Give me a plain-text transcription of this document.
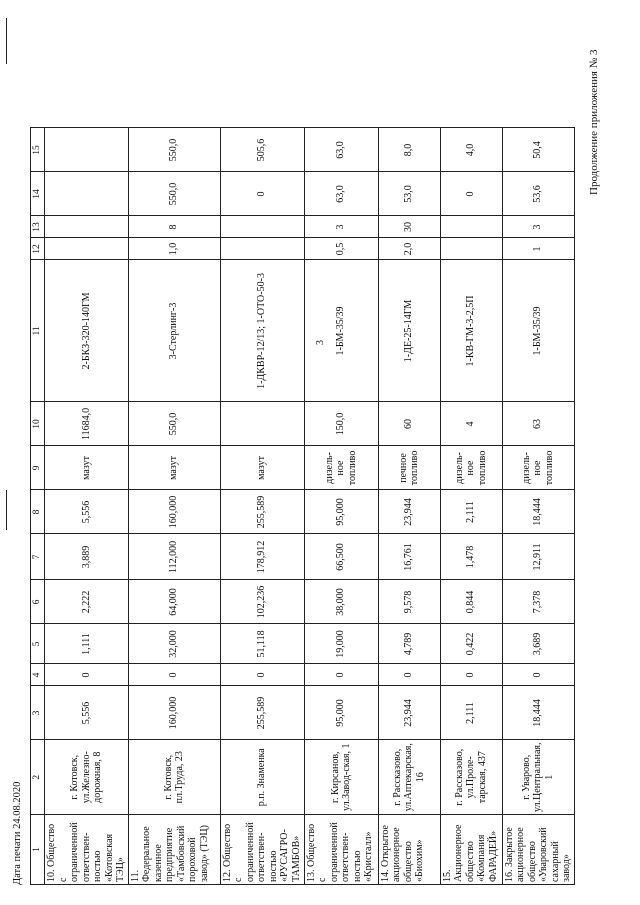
Дата печати 24.08.2020
3
Продолжение приложения № 3
1	2	3	4	5	6	7	8	9	10	11	12	13	14	15
10. Общество с ограниченной ответствен-ностью «Котовская ТЭЦ»	г. Котовск, ул.Железно-дорожная, 8	5,556	0	1,111	2,222	3,889	5,556	мазут	11684,0	2-БКЗ-320-140ГМ				
11. Федеральное казенное предприятие «Тамбовский пороховой завод» (ТЭЦ)	г. Котовск, пл.Труда, 23	160,000	0	32,000	64,000	112,000	160,000	мазут	550,0	3-Стерлинг-3	1,0	8	550,0	550,0
12. Общество с ограниченной ответствен-ностью «РУСАГРО-ТАМБОВ»	р.п. Знаменка	255,589	0	51,118	102,236	178,912	255,589	мазут		1-ДКВР-12/13; 1-ОТО-50-3			0	505,6
13. Общество с ограниченной ответствен-ностью «Кристалл»	г. Кирсанов, ул.Завод-ская, 1	95,000	0	19,000	38,000	66,500	95,000	дизель-ное топливо	150,0	1-БМ-35/39	0,5	3	63,0	63,0
14. Открытое акционерное общество «Биохим»	г. Рассказово, ул.Аптекарская, 16	23,944	0	4,789	9,578	16,761	23,944	печное топливо	60	1-ДЕ-25-14ГМ	2,0	30	53,0	8,0
15. Акционерное общество «Компания ФАРАДЕЙ»	г. Рассказово, ул.Проле-тарская, 437	2,111	0	0,422	0,844	1,478	2,111	дизель-ное топливо	4	1-КВ-ГМ-3-2,5П			0	4,0
16. Закрытое акционерное общество «Уваровский сахарный завод»	г. Уварово, ул.Центральная, 1	18,444	0	3,689	7,378	12,911	18,444	дизель-ное топливо	63	1-БМ-35/39	1	3	53,6	50,4
